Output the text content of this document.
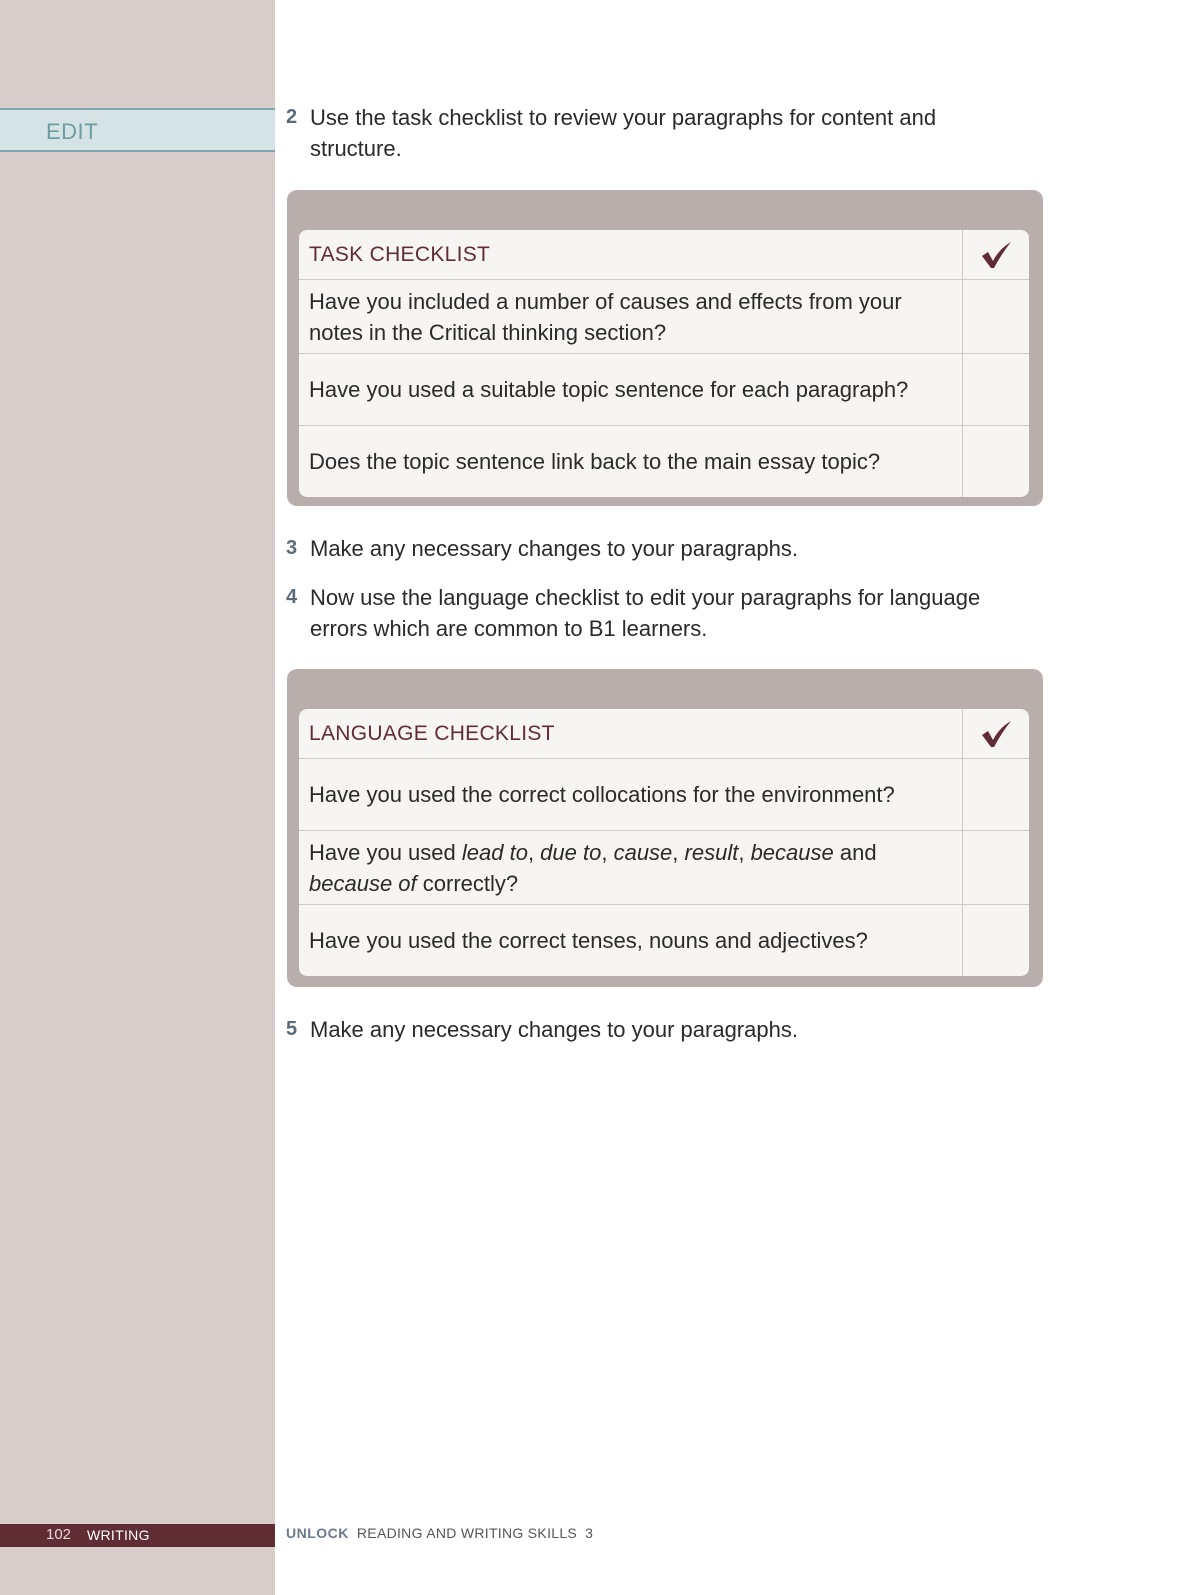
EDIT
2 Use the task checklist to review your paragraphs for content and structure.
TASK CHECKLIST
Have you included a number of causes and effects from your notes in the Critical thinking section?
Have you used a suitable topic sentence for each paragraph?
Does the topic sentence link back to the main essay topic?
3 Make any necessary changes to your paragraphs.
4 Now use the language checklist to edit your paragraphs for language errors which are common to B1 learners.
LANGUAGE CHECKLIST
Have you used the correct collocations for the environment?
Have you used lead to, due to, cause, result, because and because of correctly?
Have you used the correct tenses, nouns and adjectives?
5 Make any necessary changes to your paragraphs.
102 WRITING	UNLOCK READING AND WRITING SKILLS 3
